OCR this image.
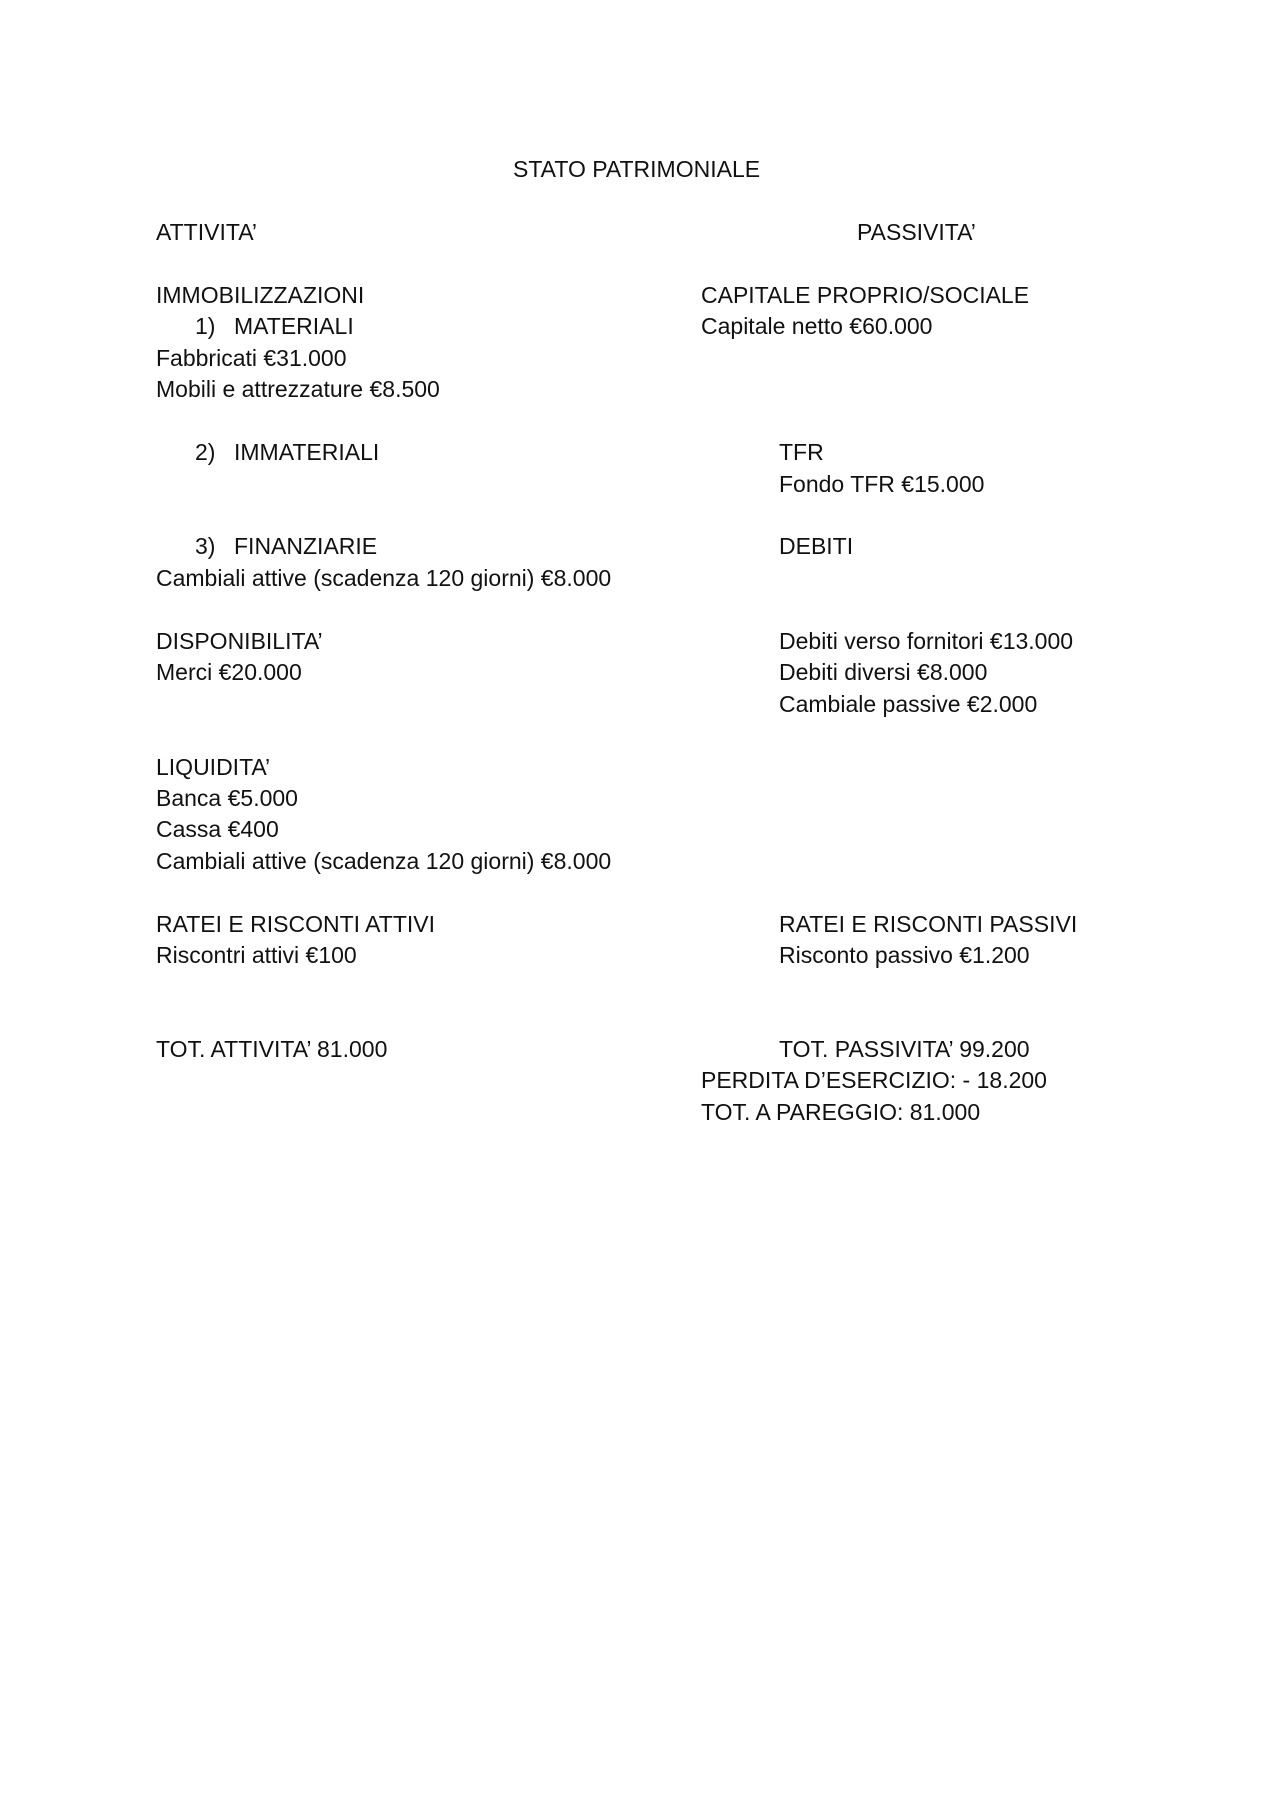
STATO PATRIMONIALE
ATTIVITA’	PASSIVITA’
IMMOBILIZZAZIONI
1) MATERIALI
Fabbricati €31.000
Mobili e attrezzature €8.500
2) IMMATERIALI
3) FINANZIARIE
Cambiali attive (scadenza 120 giorni) €8.000
DISPONIBILITA’
Merci €20.000
LIQUIDITA’
Banca €5.000
Cassa €400
Cambiali attive (scadenza 120 giorni) €8.000
RATEI E RISCONTI ATTIVI
Riscontri attivi €100
TOT. ATTIVITA’ 81.000
CAPITALE PROPRIO/SOCIALE
Capitale netto €60.000
TFR
Fondo TFR €15.000
DEBITI
Debiti verso fornitori €13.000
Debiti diversi €8.000
Cambiale passive €2.000
RATEI E RISCONTI PASSIVI
Risconto passivo €1.200
TOT. PASSIVITA’ 99.200
PERDITA D’ESERCIZIO: - 18.200
TOT. A PAREGGIO: 81.000
